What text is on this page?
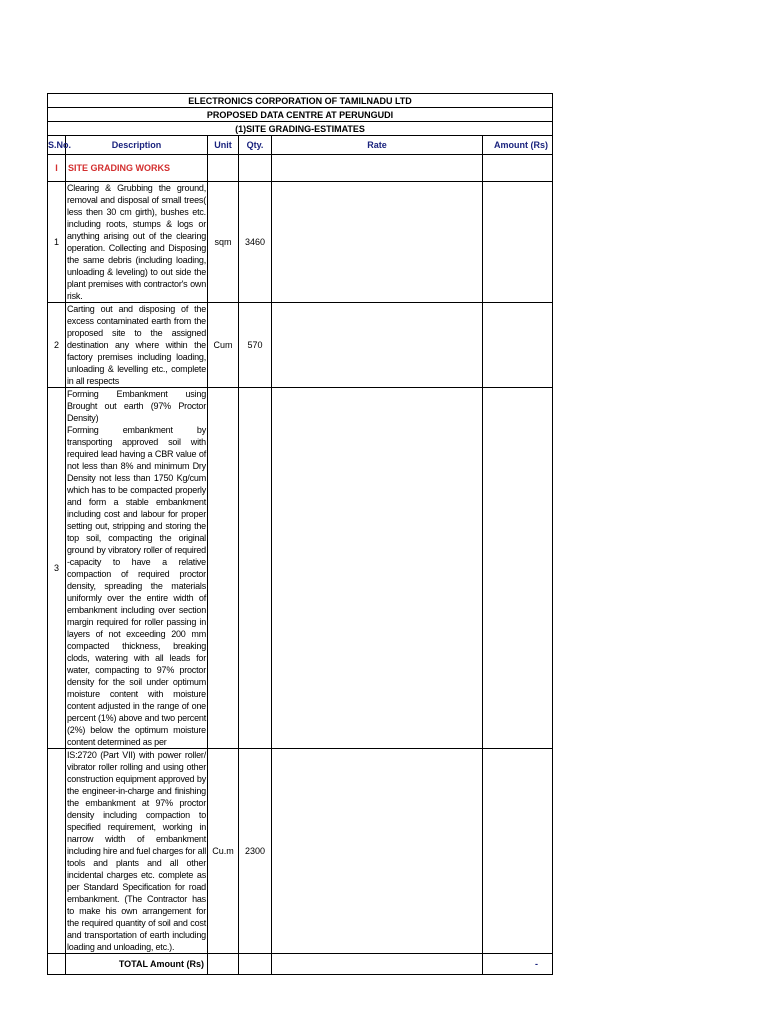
ELECTRONICS CORPORATION OF TAMILNADU LTD					
PROPOSED DATA CENTRE AT PERUNGUDI					
(1)SITE GRADING-ESTIMATES					
S.No.	Description	Unit	Qty.	Rate	Amount (Rs)
I	SITE GRADING WORKS				
1	Clearing & Grubbing the ground, removal and disposal of small trees( less then 30 cm girth), bushes etc. including roots, stumps & logs or anything arising out of the clearing operation. Collecting and Disposing the same debris (including loading, unloading & leveling) to out side the plant premises with contractor's own risk.	sqm	3460		
2	Carting out and disposing of the excess contaminated earth from the proposed site to the assigned destination any where within the factory premises including loading, unloading & levelling etc., complete in all respects	Cum	570		
3	Forming Embankment using Brought out earth (97% Proctor Density)
Forming embankment by transporting approved soil with required lead having a CBR value of not less than 8% and minimum Dry Density not less than 1750 Kg/cum which has to be compacted properly and form a stable embankment including cost and labour for proper setting out, stripping and storing the top soil, compacting the original ground by vibratory roller of required -capacity to have a relative compaction of required proctor density, spreading the materials uniformly over the entire width of embankment including over section margin required for roller passing in layers of not exceeding 200 mm compacted thickness, breaking clods, watering with all leads for water, compacting to 97% proctor density for the soil under optimum moisture content with moisture content adjusted in the range of one percent (1%) above and two percent (2%) below the optimum moisture content determined as per				
	IS:2720 (Part VII) with power roller/ vibrator roller rolling and using other construction equipment approved by the engineer-in-charge and finishing the embankment at 97% proctor density including compaction to specified requirement, working in narrow width of embankment including hire and fuel charges for all tools and plants and all other incidental charges etc. complete as per Standard Specification for road embankment. (The Contractor has to make his own arrangement for the required quantity of soil and cost and transportation of earth including loading and unloading, etc.).	Cu.m	2300		
	TOTAL Amount (Rs)				-
